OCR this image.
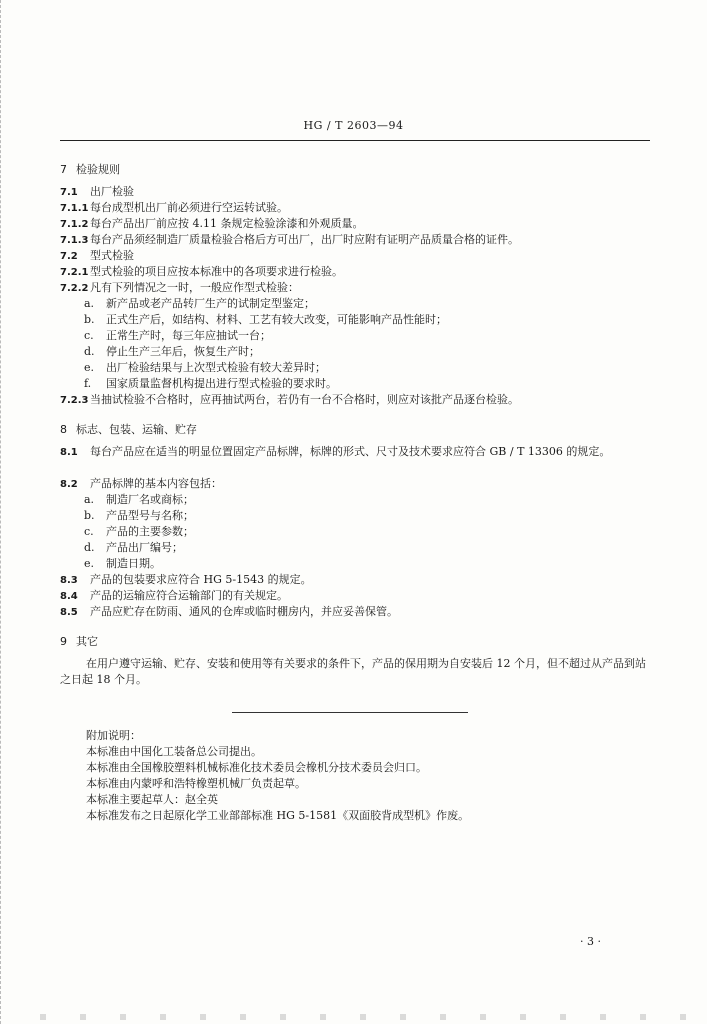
HG / T 2603—94
7 检验规则
7.1 出厂检验
7.1.1 每台成型机出厂前必须进行空运转试验。
7.1.2 每台产品出厂前应按 4.11 条规定检验涂漆和外观质量。
7.1.3 每台产品须经制造厂质量检验合格后方可出厂，出厂时应附有证明产品质量合格的证件。
7.2 型式检验
7.2.1 型式检验的项目应按本标准中的各项要求进行检验。
7.2.2 凡有下列情况之一时，一般应作型式检验：
a. 新产品或老产品转厂生产的试制定型鉴定；
b. 正式生产后，如结构、材料、工艺有较大改变，可能影响产品性能时；
c. 正常生产时，每三年应抽试一台；
d. 停止生产三年后，恢复生产时；
e. 出厂检验结果与上次型式检验有较大差异时；
f. 国家质量监督机构提出进行型式检验的要求时。
7.2.3 当抽试检验不合格时，应再抽试两台，若仍有一台不合格时，则应对该批产品逐台检验。
8 标志、包装、运输、贮存
8.1 每台产品应在适当的明显位置固定产品标牌，标牌的形式、尺寸及技术要求应符合 GB / T 13306 的规定。
8.2 产品标牌的基本内容包括：
a. 制造厂名或商标；
b. 产品型号与名称；
c. 产品的主要参数；
d. 产品出厂编号；
e. 制造日期。
8.3 产品的包装要求应符合 HG 5-1543 的规定。
8.4 产品的运输应符合运输部门的有关规定。
8.5 产品应贮存在防雨、通风的仓库或临时棚房内，并应妥善保管。
9 其它
在用户遵守运输、贮存、安装和使用等有关要求的条件下，产品的保用期为自安装后 12 个月，但不超过从产品到站之日起 18 个月。
附加说明：
本标准由中国化工装备总公司提出。
本标准由全国橡胶塑料机械标准化技术委员会橡机分技术委员会归口。
本标准由内蒙呼和浩特橡塑机械厂负责起草。
本标准主要起草人：赵全英
本标准发布之日起原化学工业部部标准 HG 5-1581《双面胶背成型机》作废。
· 3 ·
